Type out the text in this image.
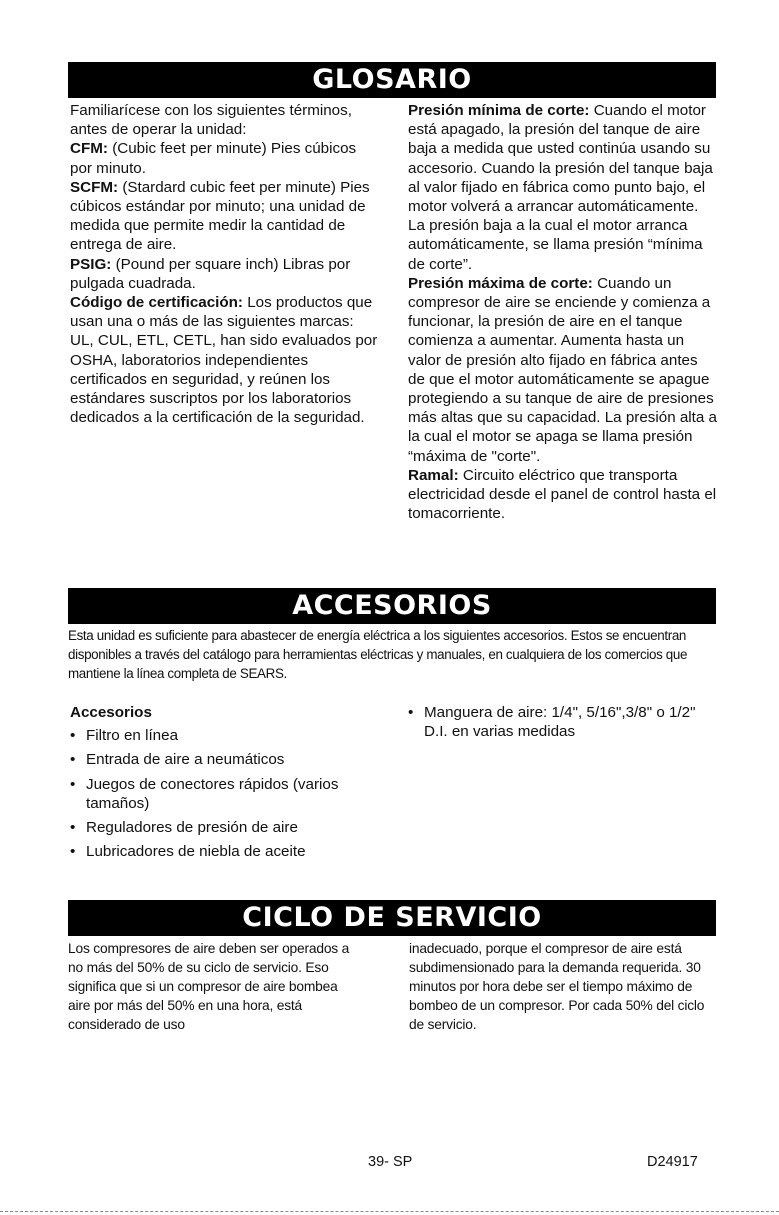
GLOSARIO

Familiarícese con los siguientes términos, antes de operar la unidad:

CFM: (Cubic feet per minute) Pies cúbicos por minuto.

SCFM: (Stardard cubic feet per minute) Pies cúbicos estándar por minuto; una unidad de medida que permite medir la cantidad de entrega de aire.

PSIG: (Pound per square inch) Libras por pulgada cuadrada.

Código de certificación: Los productos que usan una o más de las siguientes marcas: UL, CUL, ETL, CETL, han sido evaluados por OSHA, laboratorios independientes certificados en seguridad, y reúnen los estándares suscriptos por los laboratorios dedicados a la certificación de la seguridad.

Presión mínima de corte: Cuando el motor está apagado, la presión del tanque de aire baja a medida que usted continúa usando su accesorio. Cuando la presión del tanque baja al valor fijado en fábrica como punto bajo, el motor volverá a arrancar automáticamente. La presión baja a la cual el motor arranca automáticamente, se llama presión “mínima de corte”.

Presión máxima de corte: Cuando un compresor de aire se enciende y comienza a funcionar, la presión de aire en el tanque comienza a aumentar. Aumenta hasta un valor de presión alto fijado en fábrica antes de que el motor automáticamente se apague protegiendo a su tanque de aire de presiones más altas que su capacidad. La presión alta a la cual el motor se apaga se llama presión “máxima de "corte".

Ramal: Circuito eléctrico que transporta electricidad desde el panel de control hasta el tomacorriente.

ACCESORIOS
Esta unidad es suficiente para abastecer de energía eléctrica a los siguientes accesorios. Estos se encuentran disponibles a través del catálogo para herramientas eléctricas y manuales, en cualquiera de los comercios que mantiene la línea completa de SEARS.

Accesorios

• Filtro en línea
• Entrada de aire a neumáticos
• Juegos de conectores rápidos (varios tamaños)
• Reguladores de presión de aire
• Lubricadores de niebla de aceite
• Manguera de aire: 1/4", 5/16",3/8" o 1/2" D.I. en varias medidas
CICLO DE SERVICIO
Los compresores de aire deben ser operados a no más del 50% de su ciclo de servicio. Eso significa que si un compresor de aire bombea aire por más del 50% en una hora, está considerado de uso
inadecuado, porque el compresor de aire está subdimensionado para la demanda requerida. 30 minutos por hora debe ser el tiempo máximo de bombeo de un compresor. Por cada 50% del ciclo de servicio.
39- SP	D24917
